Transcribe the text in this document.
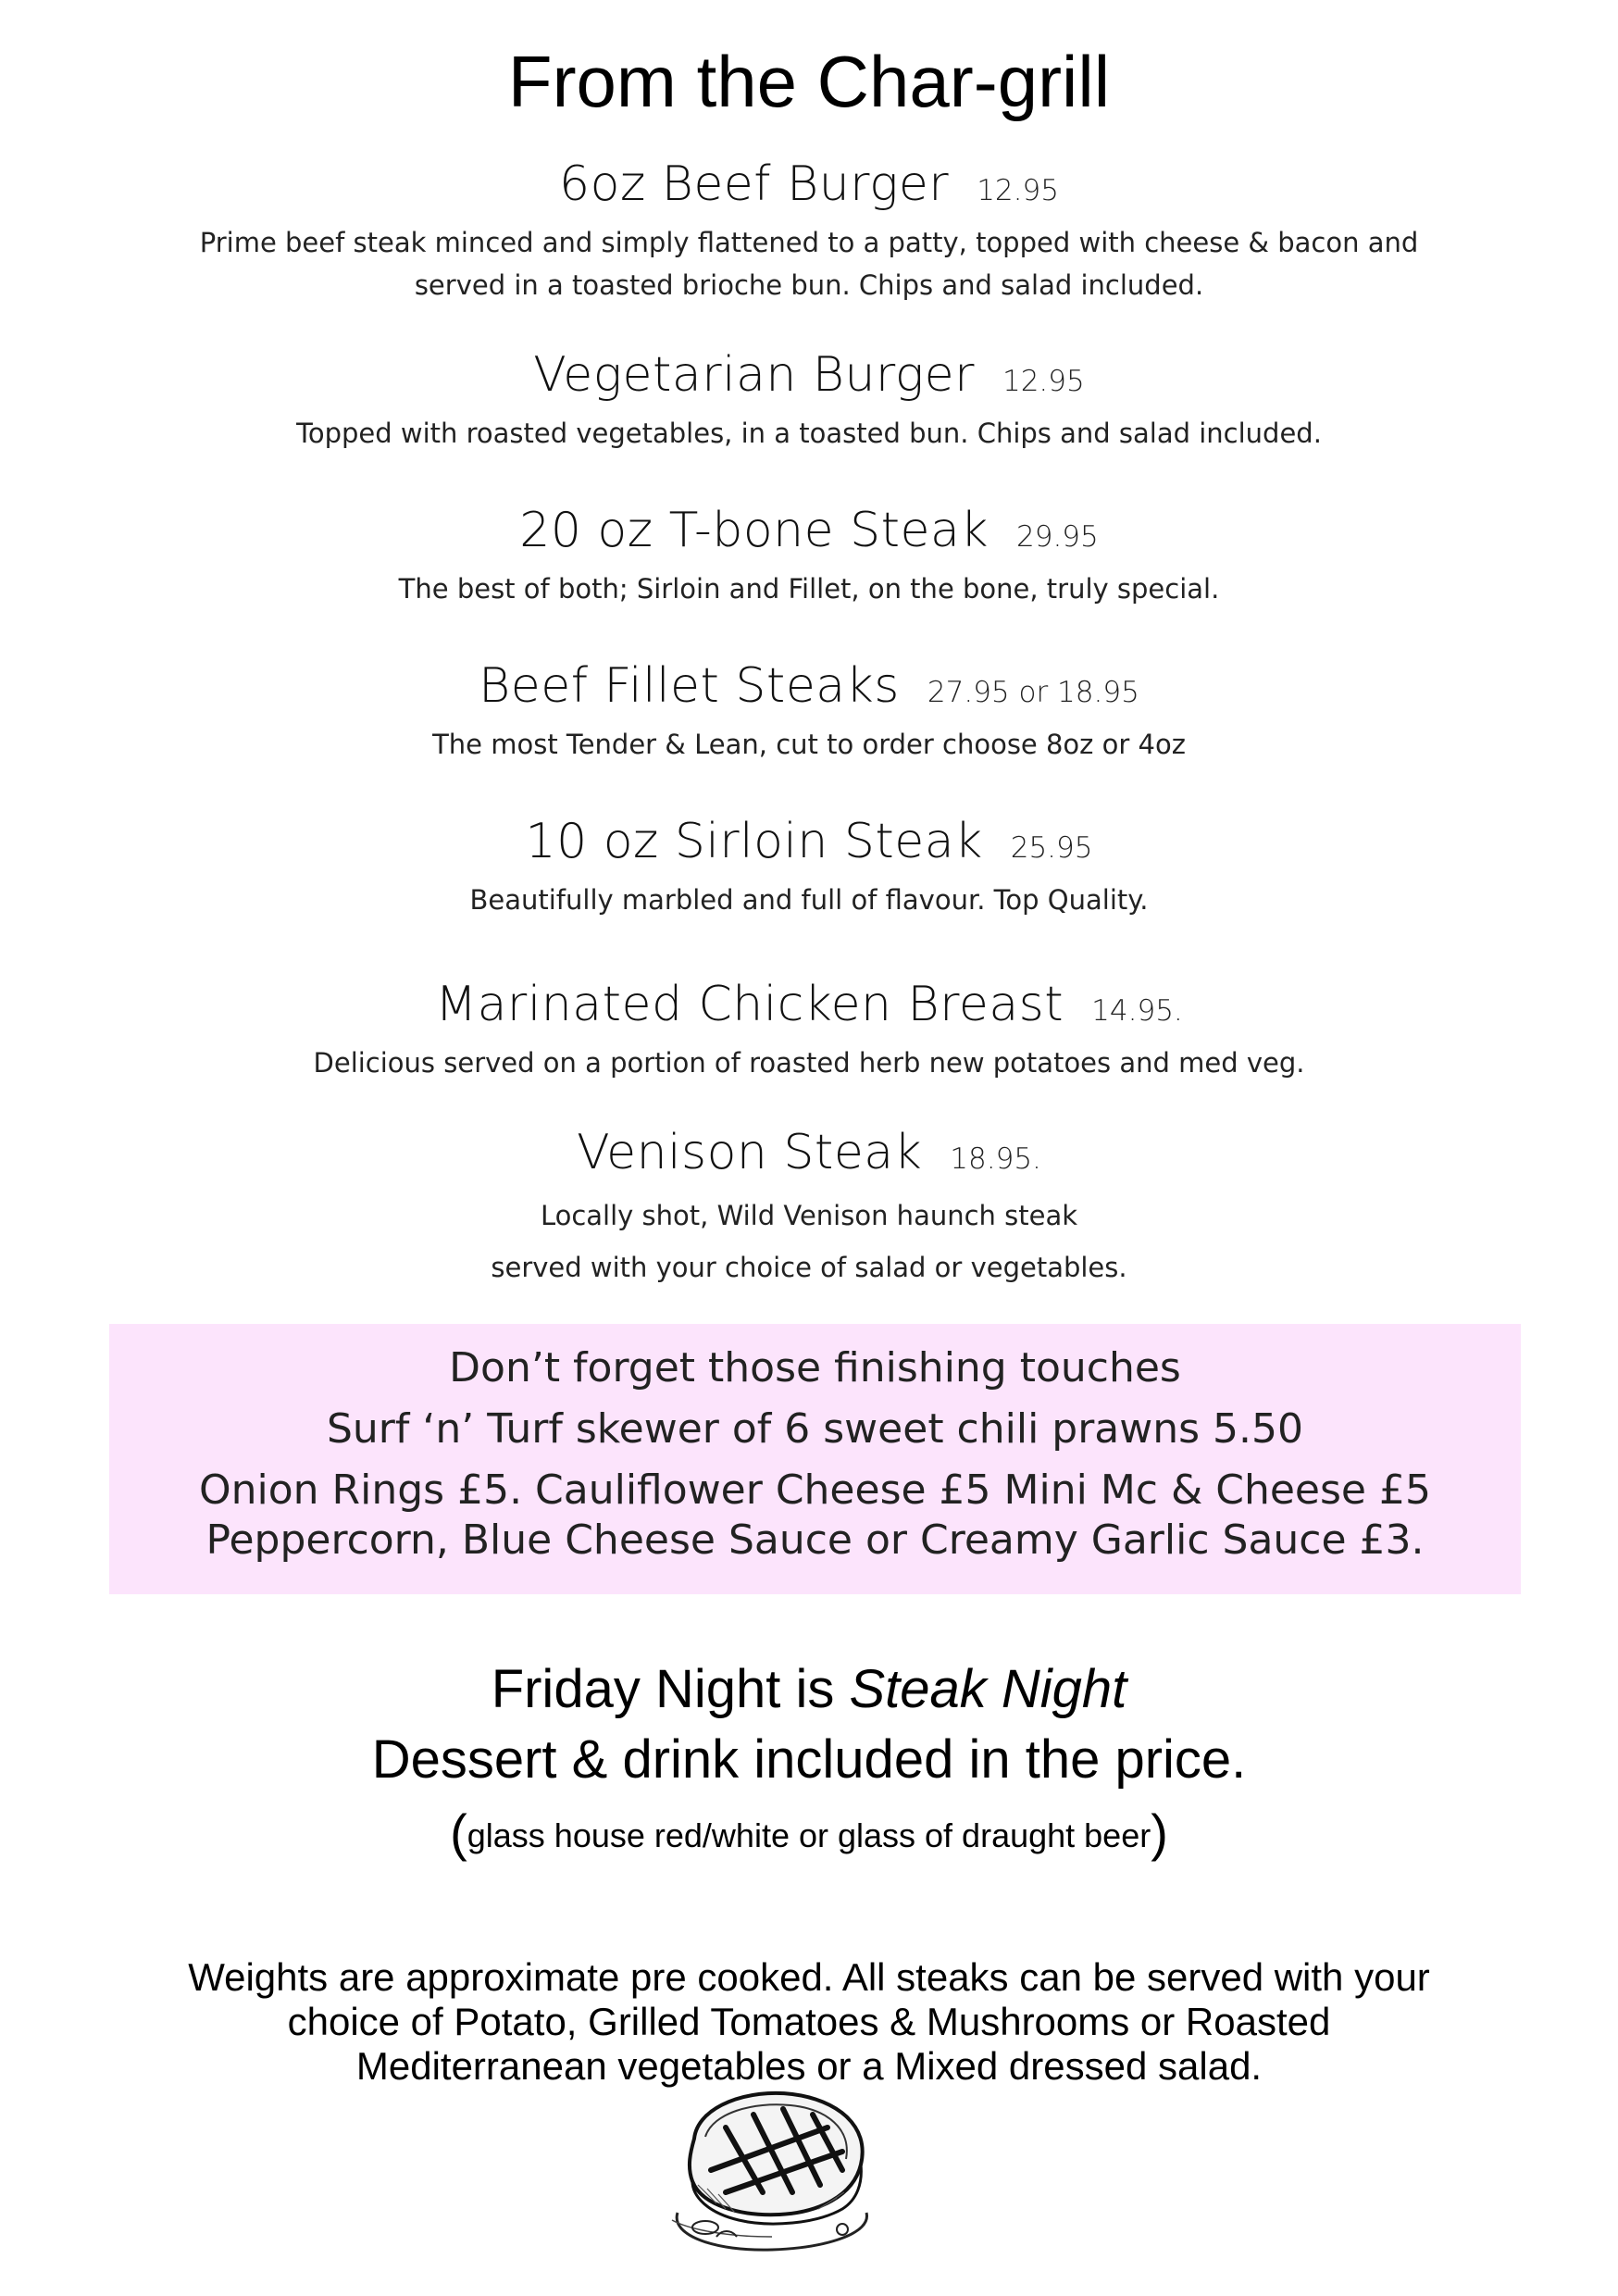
From the Char-grill
6oz Beef Burger 12.95
Prime beef steak minced and simply flattened to a patty, topped with cheese & bacon and
served in a toasted brioche bun. Chips and salad included.
Vegetarian Burger 12.95
Topped with roasted vegetables, in a toasted bun. Chips and salad included.
20 oz T-bone Steak 29.95
The best of both; Sirloin and Fillet, on the bone, truly special.
Beef Fillet Steaks 27.95 or 18.95
The most Tender & Lean, cut to order choose 8oz or 4oz
10 oz Sirloin Steak 25.95
Beautifully marbled and full of flavour. Top Quality.
Marinated Chicken Breast 14.95.
Delicious served on a portion of roasted herb new potatoes and med veg.
Venison Steak 18.95.
Locally shot, Wild Venison haunch steak
served with your choice of salad or vegetables.
Don’t forget those finishing touches
Surf ‘n’ Turf skewer of 6 sweet chili prawns 5.50
Onion Rings £5. Cauliflower Cheese £5 Mini Mc & Cheese £5
Peppercorn, Blue Cheese Sauce or Creamy Garlic Sauce £3.
Friday Night is Steak Night
Dessert & drink included in the price.
(glass house red/white or glass of draught beer)
Weights are approximate pre cooked. All steaks can be served with your
choice of Potato, Grilled Tomatoes & Mushrooms or Roasted
Mediterranean vegetables or a Mixed dressed salad.
